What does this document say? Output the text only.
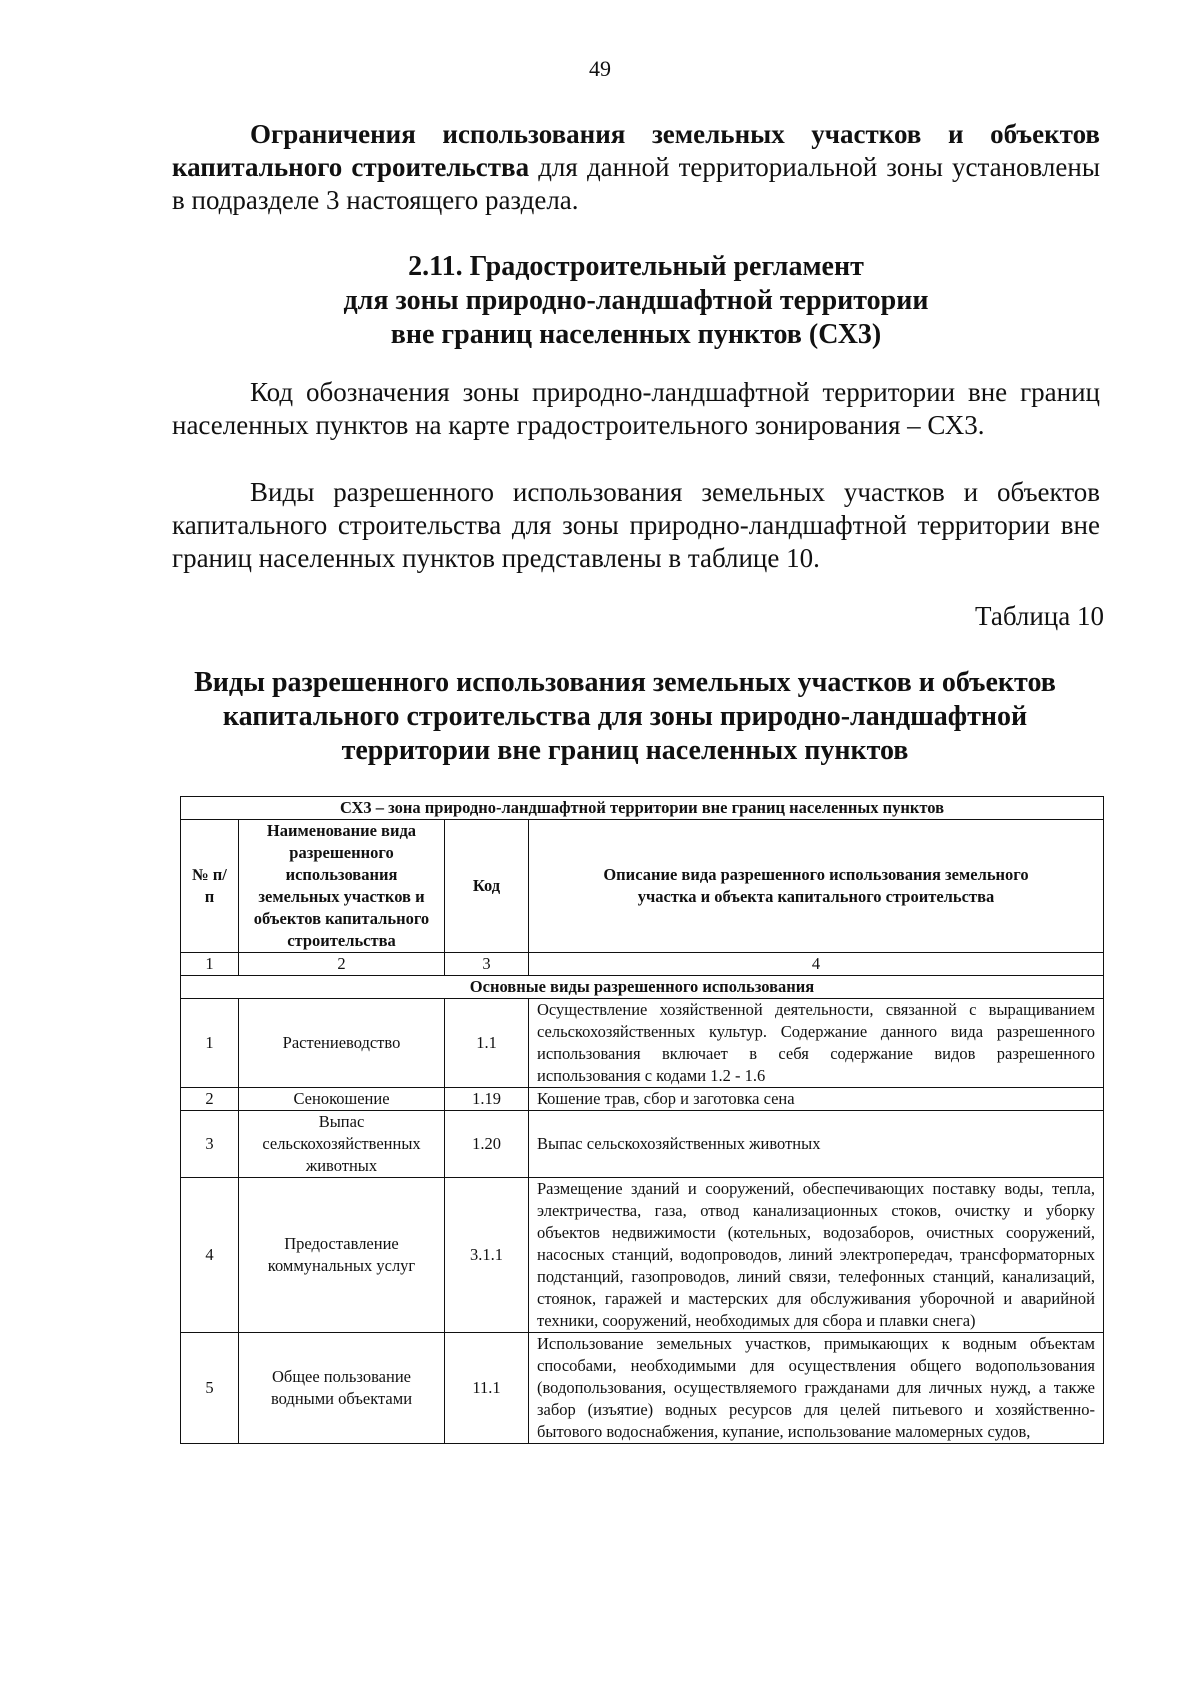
49

Ограничения использования земельных участков и объектов капитального строительства для данной территориальной зоны установлены в подразделе 3 настоящего раздела.

2.11. Градостроительный регламент
для зоны природно-ландшафтной территории
вне границ населенных пунктов (СХ3)

Код обозначения зоны природно-ландшафтной территории вне границ населенных пунктов на карте градостроительного зонирования – СХ3.

Виды разрешенного использования земельных участков и объектов капитального строительства для зоны природно-ландшафтной территории вне границ населенных пунктов представлены в таблице 10.

Таблица 10
Виды разрешенного использования земельных участков и объектов
капитального строительства для зоны природно-ландшафтной
территории вне границ населенных пунктов
СХ3 – зона природно-ландшафтной территории вне границ населенных пунктов			
№ п/п	Наименование вида разрешенного использования земельных участков и объектов капитального строительства	Код	Описание вида разрешенного использования земельного участка и объекта капитального строительства
1	2	3	4
Основные виды разрешенного использования			
1	Растениеводство	1.1	Осуществление хозяйственной деятельности, связанной с выращиванием сельскохозяйственных культур. Содержание данного вида разрешенного использования включает в себя содержание видов разрешенного использования с кодами 1.2 - 1.6
2	Сенокошение	1.19	Кошение трав, сбор и заготовка сена
3	Выпас сельскохозяйственных животных	1.20	Выпас сельскохозяйственных животных
4	Предоставление коммунальных услуг	3.1.1	Размещение зданий и сооружений, обеспечивающих поставку воды, тепла, электричества, газа, отвод канализационных стоков, очистку и уборку объектов недвижимости (котельных, водозаборов, очистных сооружений, насосных станций, водопроводов, линий электропередач, трансформаторных подстанций, газопроводов, линий связи, телефонных станций, канализаций, стоянок, гаражей и мастерских для обслуживания уборочной и аварийной техники, сооружений, необходимых для сбора и плавки снега)
5	Общее пользование водными объектами	11.1	Использование земельных участков, примыкающих к водным объектам способами, необходимыми для осуществления общего водопользования (водопользования, осуществляемого гражданами для личных нужд, а также забор (изъятие) водных ресурсов для целей питьевого и хозяйственно-бытового водоснабжения, купание, использование маломерных судов,
